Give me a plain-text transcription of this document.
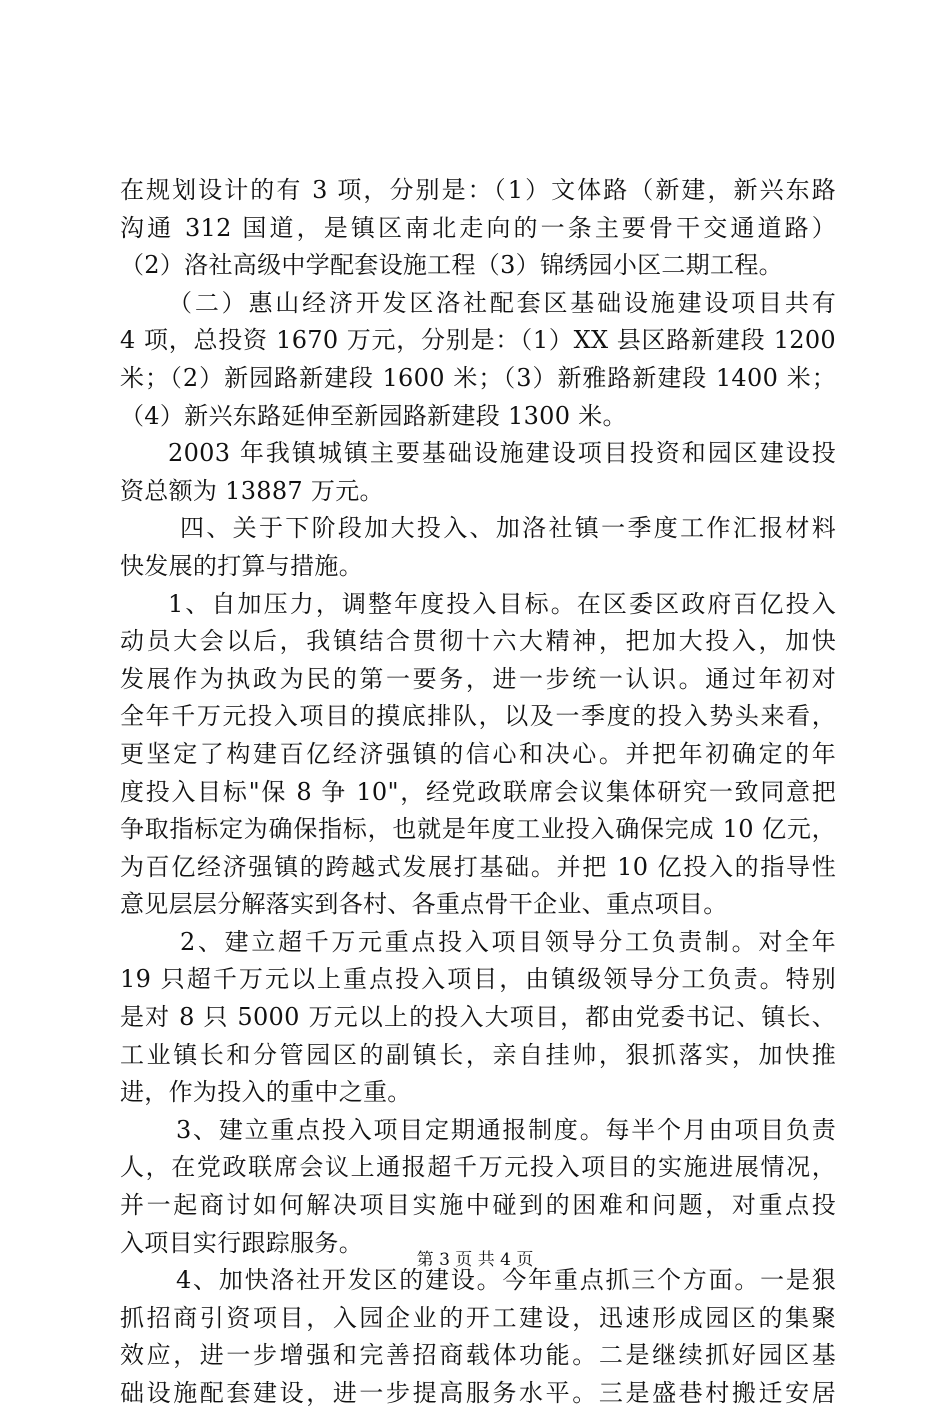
在规划设计的有 3 项，分别是：（1）文体路（新建，新兴东路
沟通 312 国道，是镇区南北走向的一条主要骨干交通道路）
（2）洛社高级中学配套设施工程（3）锦绣园小区二期工程。
（二）惠山经济开发区洛社配套区基础设施建设项目共有
4 项，总投资 1670 万元，分别是：（1）XX 县区路新建段 1200
米；（2）新园路新建段 1600 米；（3）新雅路新建段 1400 米；
（4）新兴东路延伸至新园路新建段 1300 米。
2003 年我镇城镇主要基础设施建设项目投资和园区建设投
资总额为 13887 万元。
四、关于下阶段加大投入、加洛社镇一季度工作汇报材料
快发展的打算与措施。
1、自加压力，调整年度投入目标。在区委区政府百亿投入
动员大会以后，我镇结合贯彻十六大精神，把加大投入，加快
发展作为执政为民的第一要务，进一步统一认识。通过年初对
全年千万元投入项目的摸底排队，以及一季度的投入势头来看，
更坚定了构建百亿经济强镇的信心和决心。并把年初确定的年
度投入目标"保 8 争 10"，经党政联席会议集体研究一致同意把
争取指标定为确保指标，也就是年度工业投入确保完成 10 亿元，
为百亿经济强镇的跨越式发展打基础。并把 10 亿投入的指导性
意见层层分解落实到各村、各重点骨干企业、重点项目。
2、建立超千万元重点投入项目领导分工负责制。对全年
19 只超千万元以上重点投入项目，由镇级领导分工负责。特别
是对 8 只 5000 万元以上的投入大项目，都由党委书记、镇长、
工业镇长和分管园区的副镇长，亲自挂帅，狠抓落实，加快推
进，作为投入的重中之重。
3、建立重点投入项目定期通报制度。每半个月由项目负责
人，在党政联席会议上通报超千万元投入项目的实施进展情况，
并一起商讨如何解决项目实施中碰到的困难和问题，对重点投
入项目实行跟踪服务。
4、加快洛社开发区的建设。今年重点抓三个方面。一是狠
抓招商引资项目，入园企业的开工建设，迅速形成园区的集聚
效应，进一步增强和完善招商载体功能。二是继续抓好园区基
础设施配套建设，进一步提高服务水平。三是盛巷村搬迁安居
第 3 页 共 4 页
